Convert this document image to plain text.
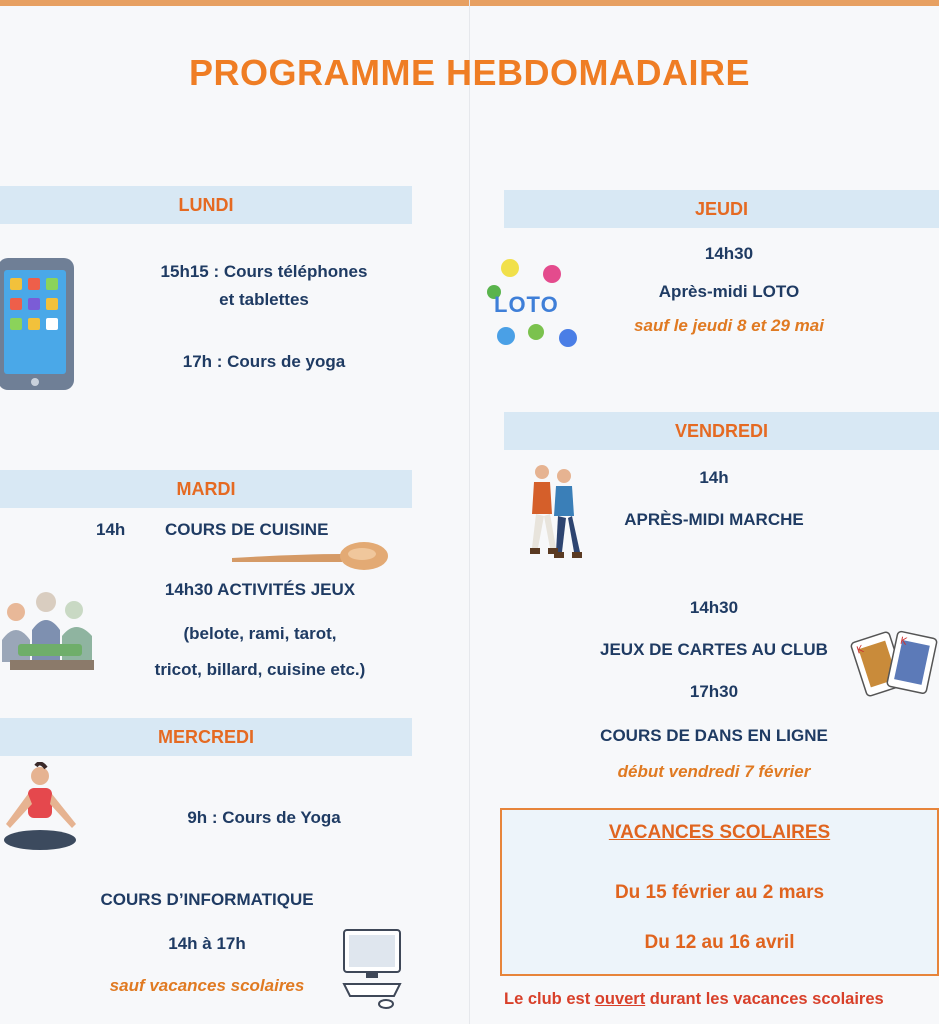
PROGRAMME HEBDOMADAIRE
LUNDI
15h15 : Cours téléphones
et tablettes
17h : Cours de yoga
MARDI
14h	COURS DE CUISINE
14h30 ACTIVITÉS JEUX
(belote, rami, tarot,
tricot, billard, cuisine etc.)
MERCREDI
9h : Cours de Yoga
COURS D’INFORMATIQUE
14h à 17h
sauf vacances scolaires
JEUDI
14h30
Après-midi LOTO
sauf le jeudi 8 et 29 mai
LOTO
VENDREDI
14h
APRÈS-MIDI MARCHE
14h30
JEUX DE CARTES AU CLUB	K
K
17h30
COURS DE DANS EN LIGNE
début vendredi 7 février
VACANCES SCOLAIRES
Du 15 février au 2 mars
Du 12 au 16 avril
Le club est ouvert durant les vacances scolaires
